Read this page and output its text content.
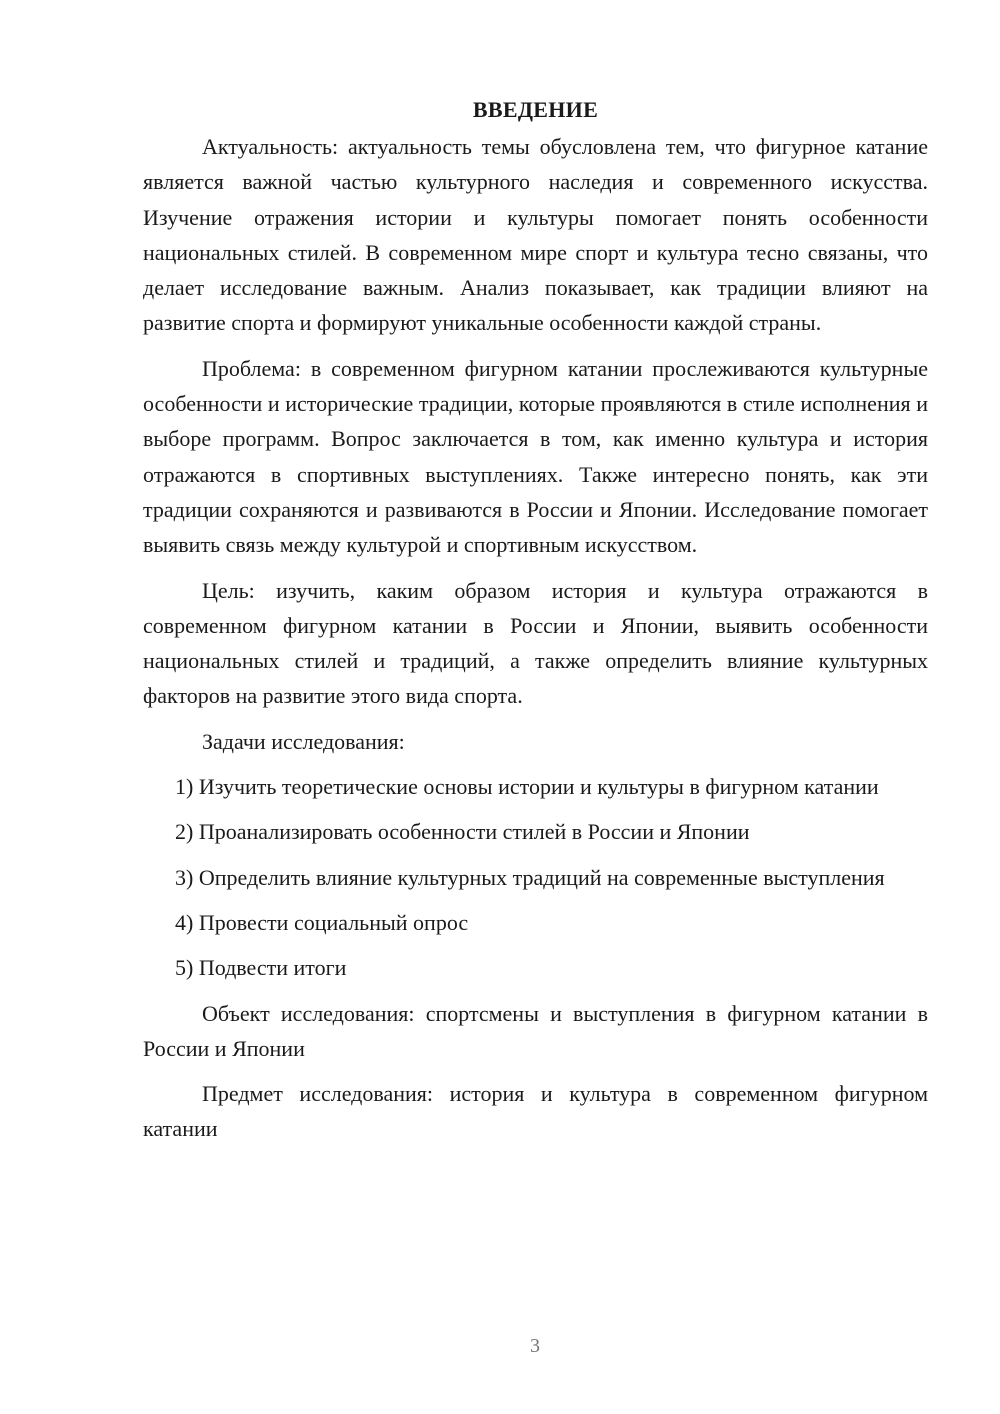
ВВЕДЕНИЕ

Актуальность: актуальность темы обусловлена тем, что фигурное катание является важной частью культурного наследия и современного искусства. Изучение отражения истории и культуры помогает понять особенности национальных стилей. В современном мире спорт и культура тесно связаны, что делает исследование важным. Анализ показывает, как традиции влияют на развитие спорта и формируют уникальные особенности каждой страны.

Проблема: в современном фигурном катании прослеживаются культурные особенности и исторические традиции, которые проявляются в стиле исполнения и выборе программ. Вопрос заключается в том, как именно культура и история отражаются в спортивных выступлениях. Также интересно понять, как эти традиции сохраняются и развиваются в России и Японии. Исследование помогает выявить связь между культурой и спортивным искусством.

Цель: изучить, каким образом история и культура отражаются в современном фигурном катании в России и Японии, выявить особенности национальных стилей и традиций, а также определить влияние культурных факторов на развитие этого вида спорта.

Задачи исследования:

1) Изучить теоретические основы истории и культуры в фигурном катании

2) Проанализировать особенности стилей в России и Японии

3) Определить влияние культурных традиций на современные выступления

4) Провести социальный опрос

5) Подвести итоги

Объект исследования: спортсмены и выступления в фигурном катании в России и Японии

Предмет исследования: история и культура в современном фигурном катании

3
